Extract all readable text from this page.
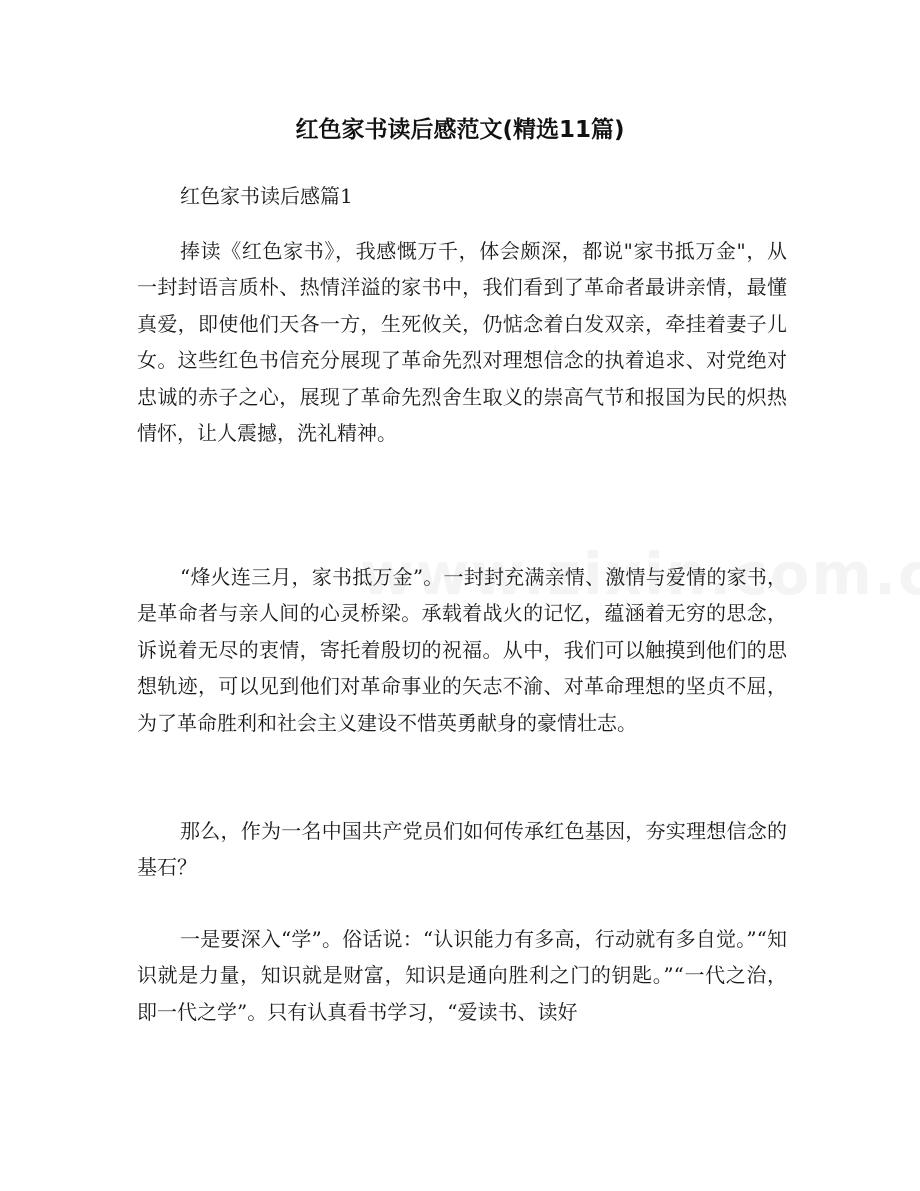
红色家书读后感范文(精选11篇)
红色家书读后感篇1

捧读《红色家书》，我感慨万千，体会颇深，都说"家书抵万金"，从一封封语言质朴、热情洋溢的家书中，我们看到了革命者最讲亲情，最懂真爱，即使他们天各一方，生死攸关，仍惦念着白发双亲，牵挂着妻子儿女。这些红色书信充分展现了革命先烈对理想信念的执着追求、对党绝对忠诚的赤子之心，展现了革命先烈舍生取义的崇高气节和报国为民的炽热情怀，让人震撼，洗礼精神。

“烽火连三月，家书抵万金”。一封封充满亲情、激情与爱情的家书，是革命者与亲人间的心灵桥梁。承载着战火的记忆，蕴涵着无穷的思念，诉说着无尽的衷情，寄托着殷切的祝福。从中，我们可以触摸到他们的思想轨迹，可以见到他们对革命事业的矢志不渝、对革命理想的坚贞不屈，为了革命胜利和社会主义建设不惜英勇献身的豪情壮志。

那么，作为一名中国共产党员们如何传承红色基因，夯实理想信念的基石？

一是要深入“学”。俗话说：“认识能力有多高，行动就有多自觉。”“知识就是力量，知识就是财富，知识是通向胜利之门的钥匙。”“一代之治，即一代之学”。只有认真看书学习，“爱读书、读好
